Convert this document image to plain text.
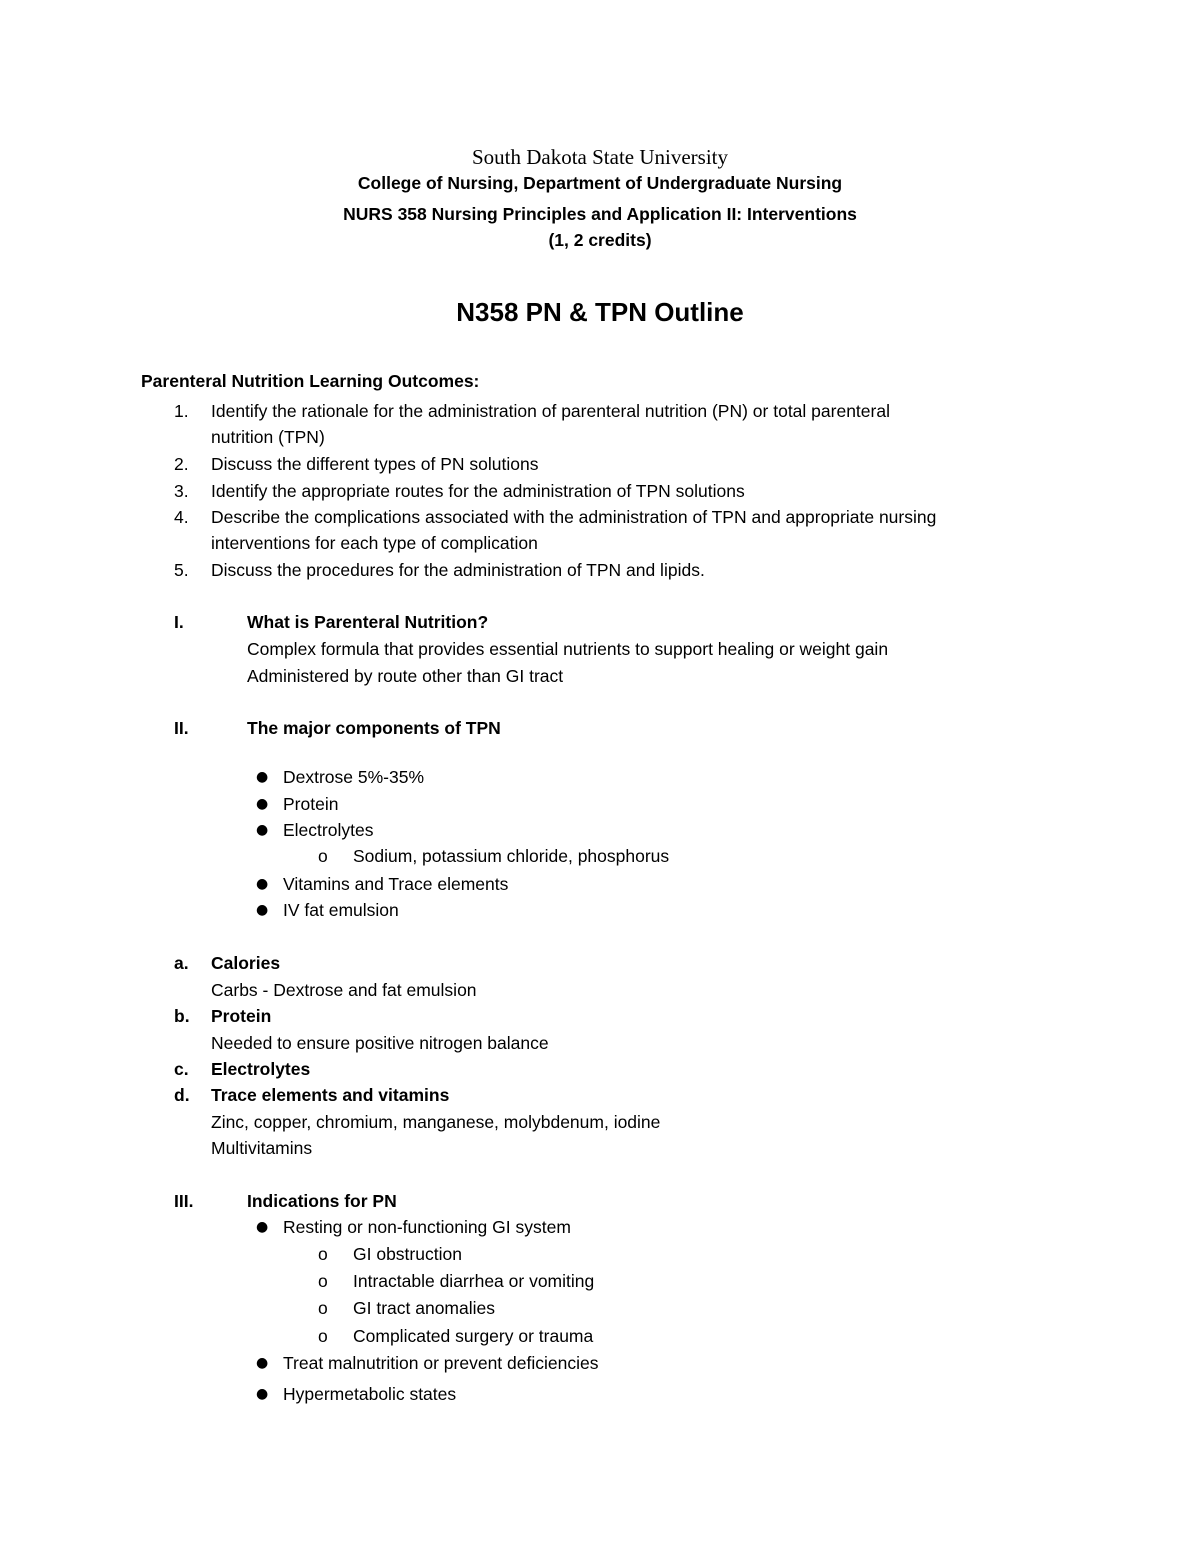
South Dakota State University
College of Nursing, Department of Undergraduate Nursing
NURS 358 Nursing Principles and Application II: Interventions
(1, 2 credits)
N358 PN & TPN Outline
Parenteral Nutrition Learning Outcomes:
1. Identify the rationale for the administration of parenteral nutrition (PN) or total parenteral
nutrition (TPN)
2. Discuss the different types of PN solutions
3. Identify the appropriate routes for the administration of TPN solutions
4. Describe the complications associated with the administration of TPN and appropriate nursing
interventions for each type of complication
5. Discuss the procedures for the administration of TPN and lipids.
I.	What is Parenteral Nutrition?
Complex formula that provides essential nutrients to support healing or weight gain
Administered by route other than GI tract
II.	The major components of TPN
● Dextrose 5%-35%
● Protein
● Electrolytes
o Sodium, potassium chloride, phosphorus
● Vitamins and Trace elements
● IV fat emulsion
a. Calories
Carbs - Dextrose and fat emulsion
b. Protein
Needed to ensure positive nitrogen balance
c. Electrolytes
d. Trace elements and vitamins
Zinc, copper, chromium, manganese, molybdenum, iodine
Multivitamins
III.	Indications for PN
● Resting or non-functioning GI system
o GI obstruction
o Intractable diarrhea or vomiting
o GI tract anomalies
o Complicated surgery or trauma
● Treat malnutrition or prevent deficiencies
● Hypermetabolic states
